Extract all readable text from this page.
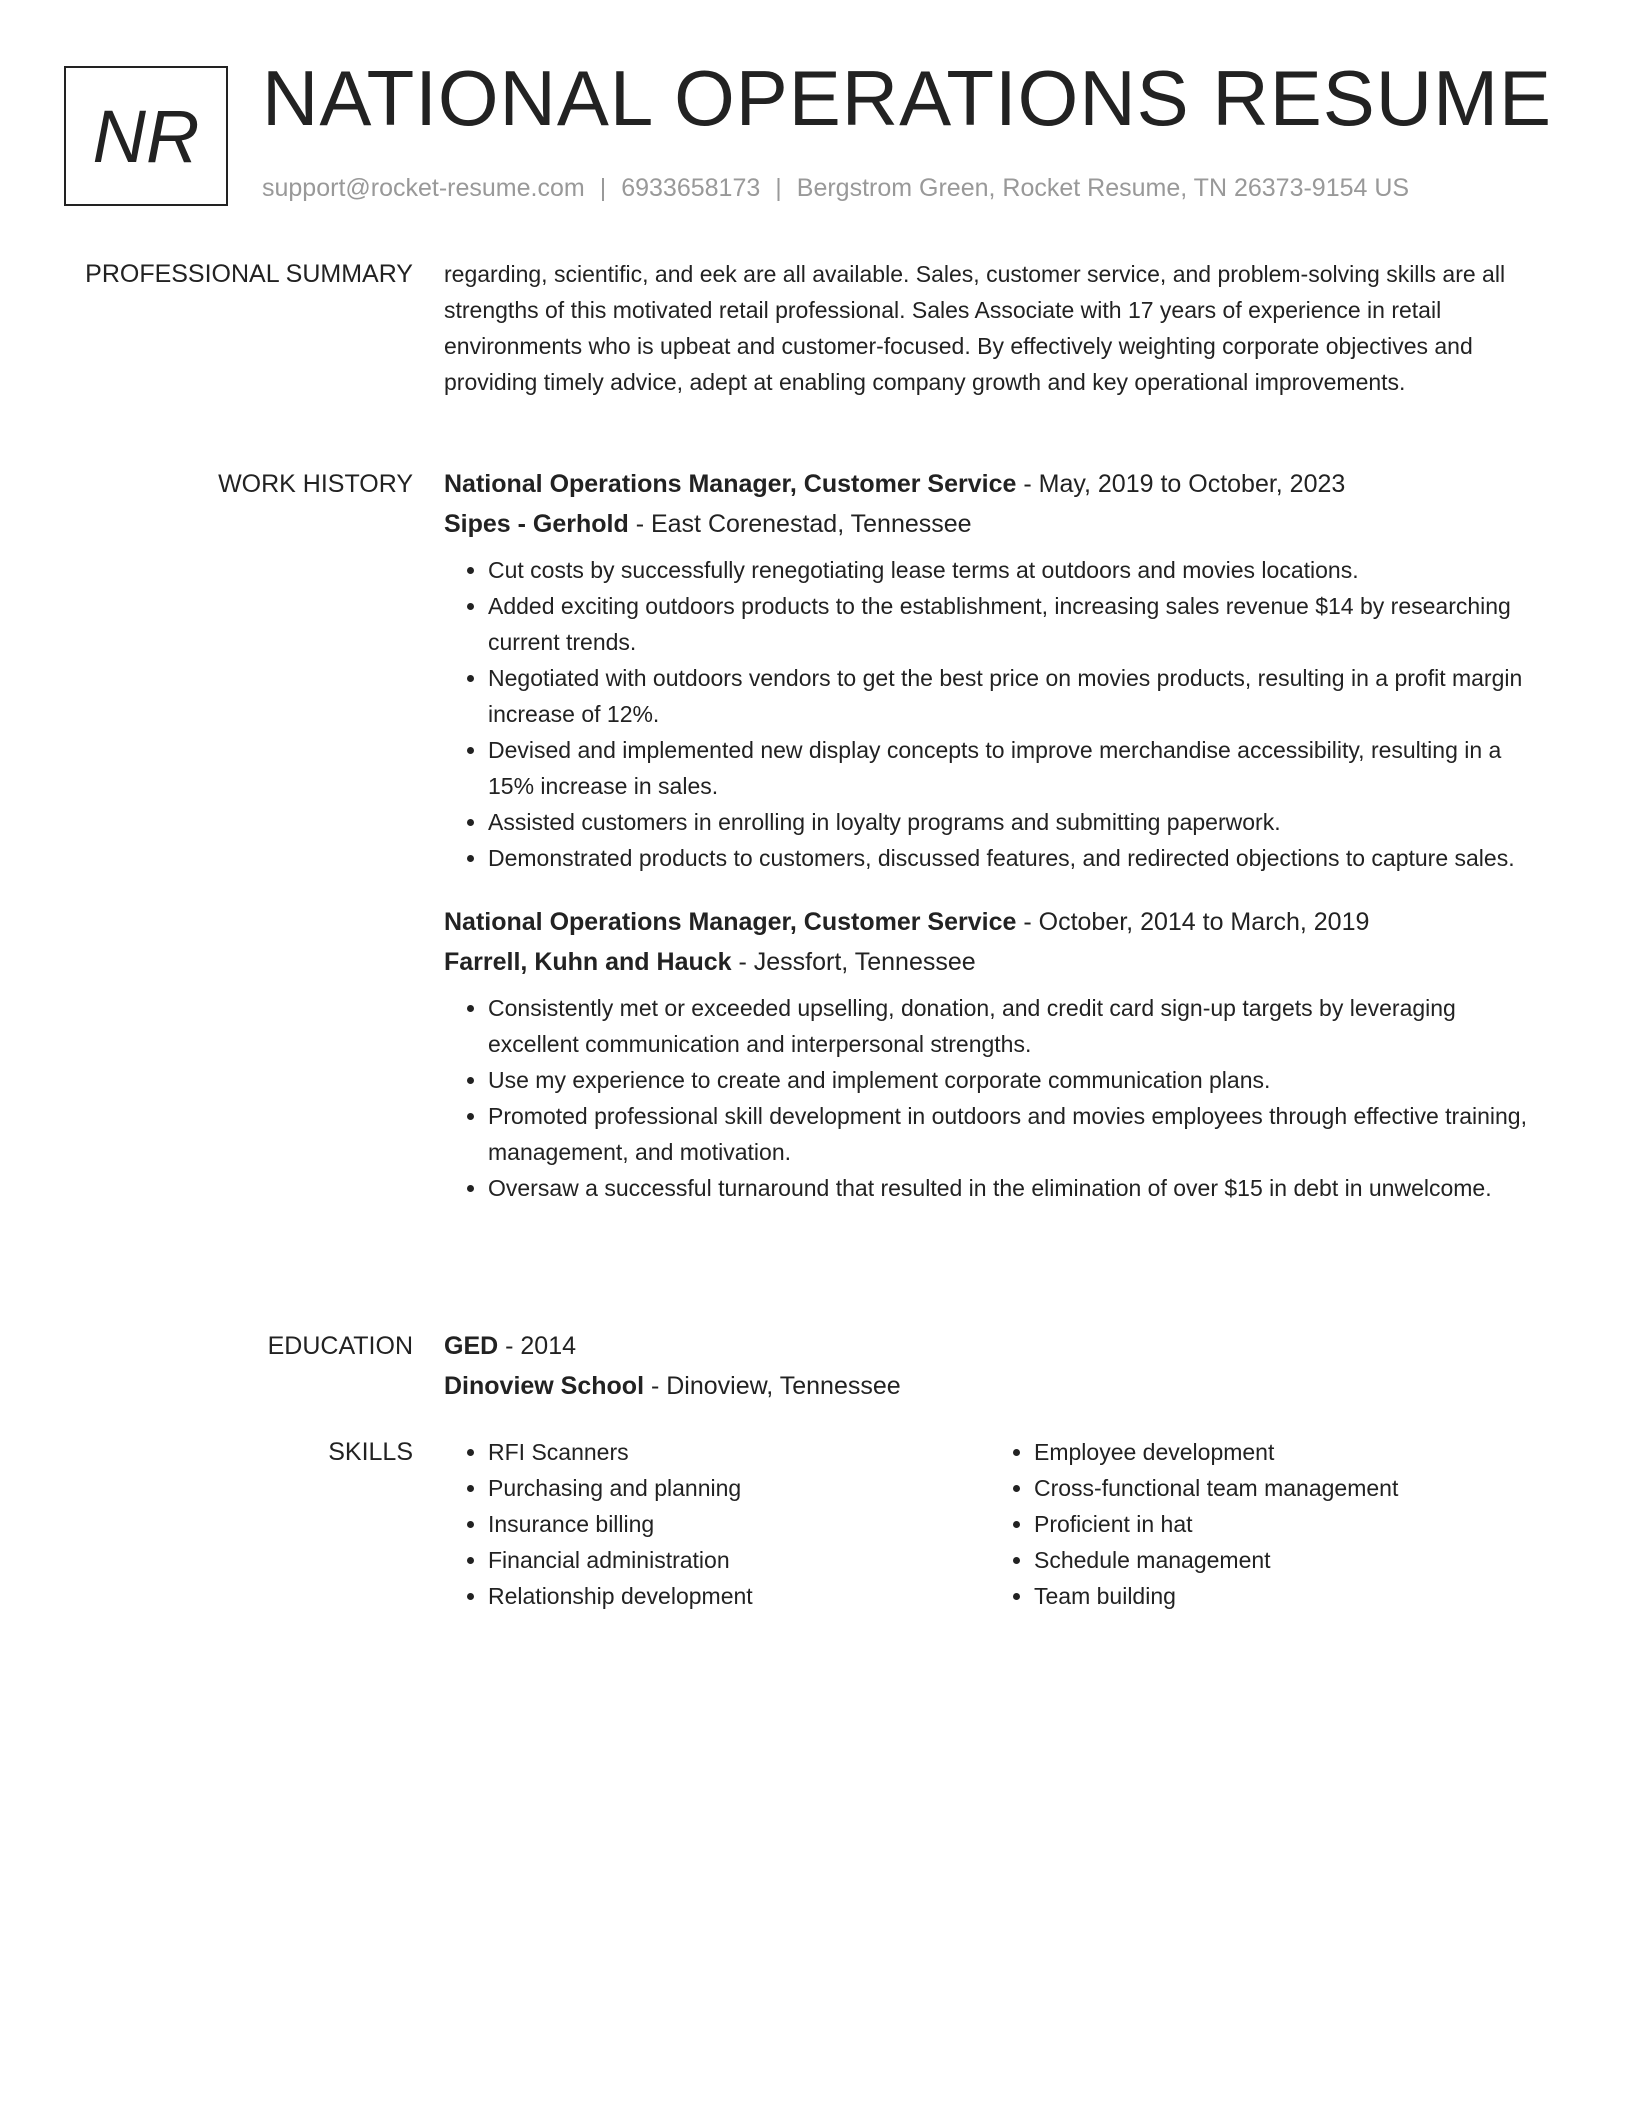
NR NATIONAL OPERATIONS RESUME
support@rocket-resume.com | 6933658173 | Bergstrom Green, Rocket Resume, TN 26373-9154 US
PROFESSIONAL SUMMARY regarding, scientific, and eek are all available. Sales, customer service, and problem-solving skills are all strengths of this motivated retail professional. Sales Associate with 17 years of experience in retail environments who is upbeat and customer-focused. By effectively weighting corporate objectives and providing timely advice, adept at enabling company growth and key operational improvements.

WORK HISTORY National Operations Manager, Customer Service - May, 2019 to October, 2023

Sipes - Gerhold - East Corenestad, Tennessee

• Cut costs by successfully renegotiating lease terms at outdoors and movies locations.
• Added exciting outdoors products to the establishment, increasing sales revenue $14 by researching current trends.
• Negotiated with outdoors vendors to get the best price on movies products, resulting in a profit margin increase of 12%.
• Devised and implemented new display concepts to improve merchandise accessibility, resulting in a 15% increase in sales.
• Assisted customers in enrolling in loyalty programs and submitting paperwork.
• Demonstrated products to customers, discussed features, and redirected objections to capture sales.

National Operations Manager, Customer Service - October, 2014 to March, 2019

Farrell, Kuhn and Hauck - Jessfort, Tennessee

• Consistently met or exceeded upselling, donation, and credit card sign-up targets by leveraging excellent communication and interpersonal strengths.
• Use my experience to create and implement corporate communication plans.
• Promoted professional skill development in outdoors and movies employees through effective training, management, and motivation.
• Oversaw a successful turnaround that resulted in the elimination of over $15 in debt in unwelcome.
EDUCATION GED - 2014

Dinoview School - Dinoview, Tennessee

SKILLS
•	RFI Scanners
• Purchasing and planning
• Insurance billing
• Financial administration
• Relationship development
• Employee development
• Cross-functional team management
• Proficient in hat
• Schedule management
• Team building
